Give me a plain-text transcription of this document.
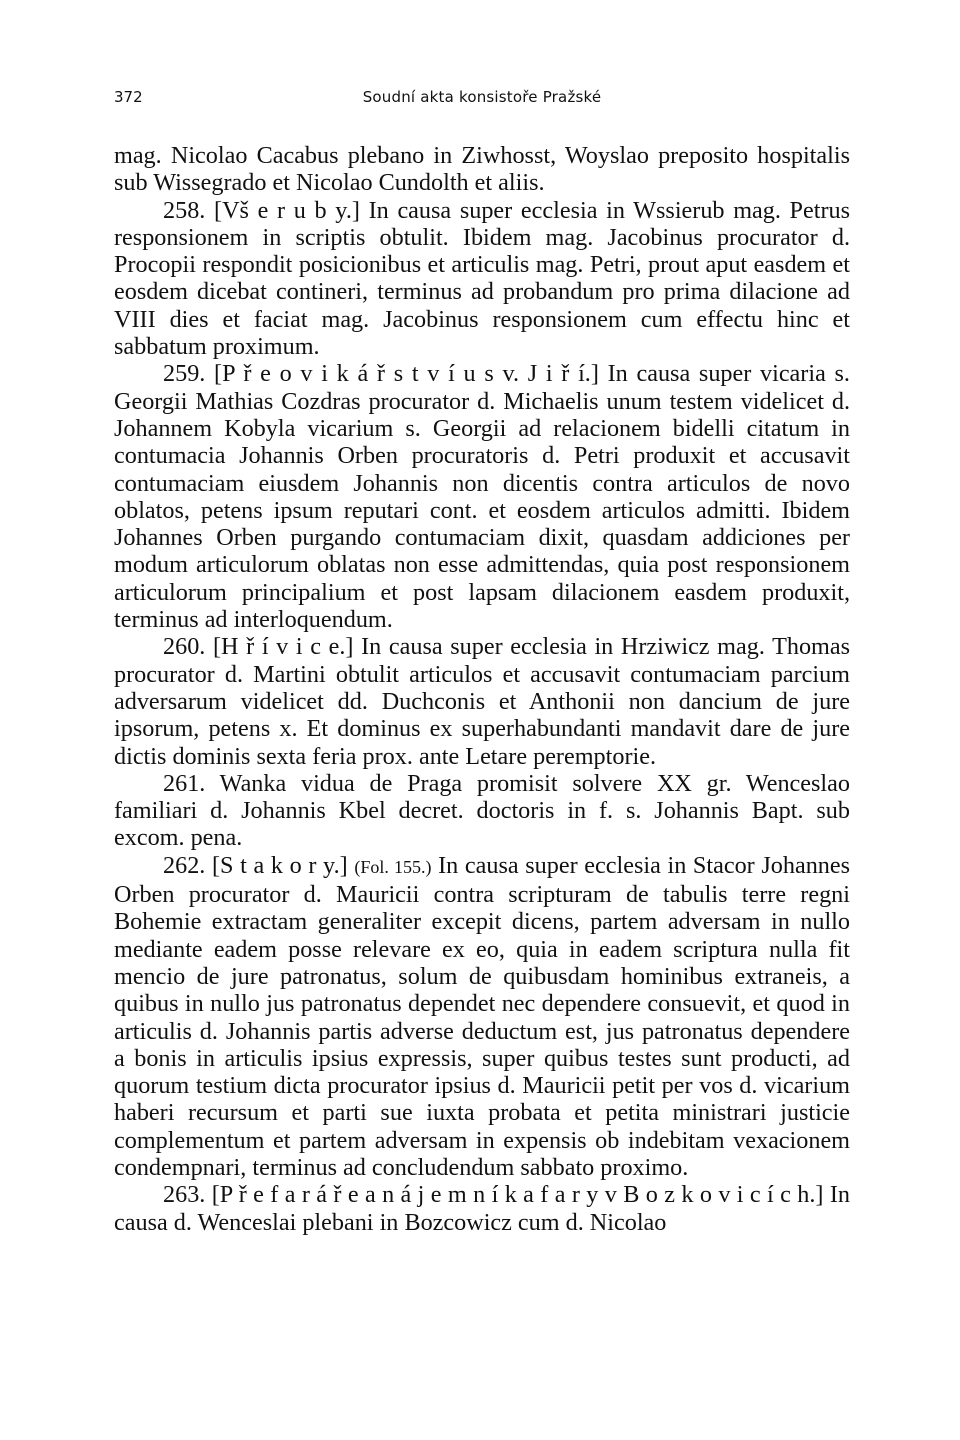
372	Soudní akta konsistoře Pražské

mag. Nicolao Cacabus plebano in Ziwhosst, Woyslao preposito hospitalis sub Wissegrado et Nicolao Cundolth et aliis.

258. [Vš e r u b y.] In causa super ecclesia in Wssierub mag. Petrus responsionem in scriptis obtulit. Ibidem mag. Jacobinus procurator d. Procopii respondit posicionibus et articulis mag. Petri, prout aput easdem et eosdem dicebat contineri, terminus ad probandum pro prima dilacione ad VIII dies et faciat mag. Jacobinus responsionem cum effectu hinc et sabbatum proximum.

259. [P ř e o v i k á ř s t v í u s v. J i ř í.] In causa super vicaria s. Georgii Mathias Cozdras procurator d. Michaelis unum testem videlicet d. Johannem Kobyla vicarium s. Georgii ad relacionem bidelli citatum in contumacia Johannis Orben procuratoris d. Petri produxit et accusavit contumaciam eiusdem Johannis non dicentis contra articulos de novo oblatos, petens ipsum reputari cont. et eosdem articulos admitti. Ibidem Johannes Orben purgando contumaciam dixit, quasdam addiciones per modum articulorum oblatas non esse admittendas, quia post responsionem articulorum principalium et post lapsam dilacionem easdem produxit, terminus ad interloquendum.

260. [H ř í v i c e.] In causa super ecclesia in Hrziwicz mag. Thomas procurator d. Martini obtulit articulos et accusavit contumaciam parcium adversarum videlicet dd. Duchconis et Anthonii non dancium de jure ipsorum, petens x. Et dominus ex superhabundanti mandavit dare de jure dictis dominis sexta feria prox. ante Letare peremptorie.

261. Wanka vidua de Praga promisit solvere XX gr. Wenceslao familiari d. Johannis Kbel decret. doctoris in f. s. Johannis Bapt. sub excom. pena.

262. [S t a k o r y.] (Fol. 155.) In causa super ecclesia in Stacor Johannes Orben procurator d. Mauricii contra scripturam de tabulis terre regni Bohemie extractam generaliter excepit dicens, partem adversam in nullo mediante eadem posse relevare ex eo, quia in eadem scriptura nulla fit mencio de jure patronatus, solum de quibusdam hominibus extraneis, a quibus in nullo jus patronatus dependet nec dependere consuevit, et quod in articulis d. Johannis partis adverse deductum est, jus patronatus dependere a bonis in articulis ipsius expressis, super quibus testes sunt producti, ad quorum testium dicta procurator ipsius d. Mauricii petit per vos d. vicarium haberi recursum et parti sue iuxta probata et petita ministrari justicie complementum et partem adversam in expensis ob indebitam vexacionem condempnari, terminus ad concludendum sabbato proximo.

263. [P ř e f a r á ř e a n á j e m n í k a f a r y v B o z k o v i c í c h.] In causa d. Wenceslai plebani in Bozcowicz cum d. Nicolao
